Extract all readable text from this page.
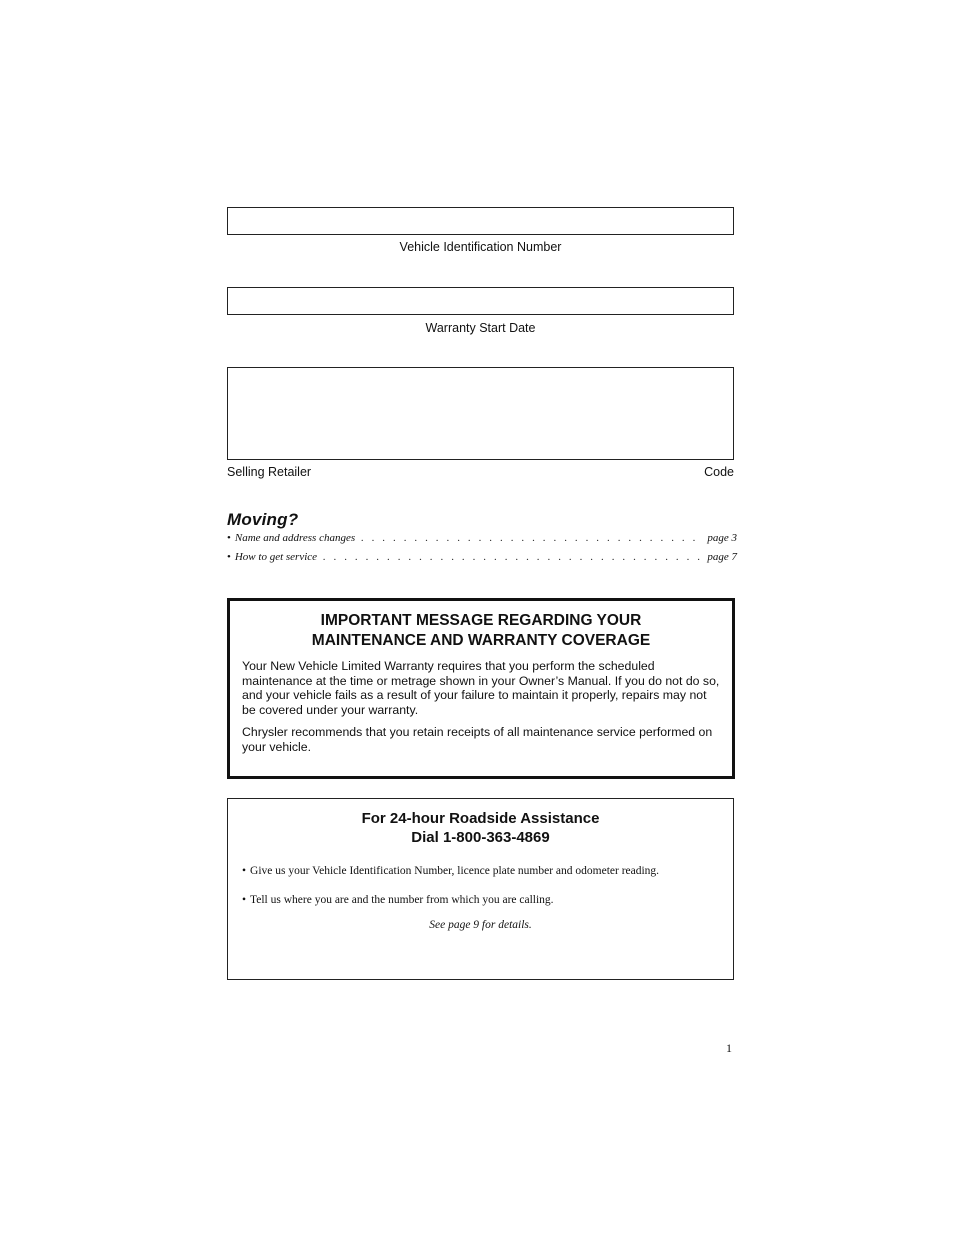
Vehicle Identification Number
Warranty Start Date
Selling Retailer	Code
Moving?
• Name and address changes . . .	page 3
• How to get service . . .	page 7
IMPORTANT MESSAGE REGARDING YOUR
MAINTENANCE AND WARRANTY COVERAGE

Your New Vehicle Limited Warranty requires that you perform the scheduled maintenance at the time or metrage shown in your Owner’s Manual. If you do not do so, and your vehicle fails as a result of your failure to maintain it properly, repairs may not be covered under your warranty.

Chrysler recommends that you retain receipts of all maintenance service performed on your vehicle.

For 24-hour Roadside Assistance
Dial 1-800-363-4869
• Give us your Vehicle Identification Number, licence plate number and odometer reading.
• Tell us where you are and the number from which you are calling.
See page 9 for details.
1
